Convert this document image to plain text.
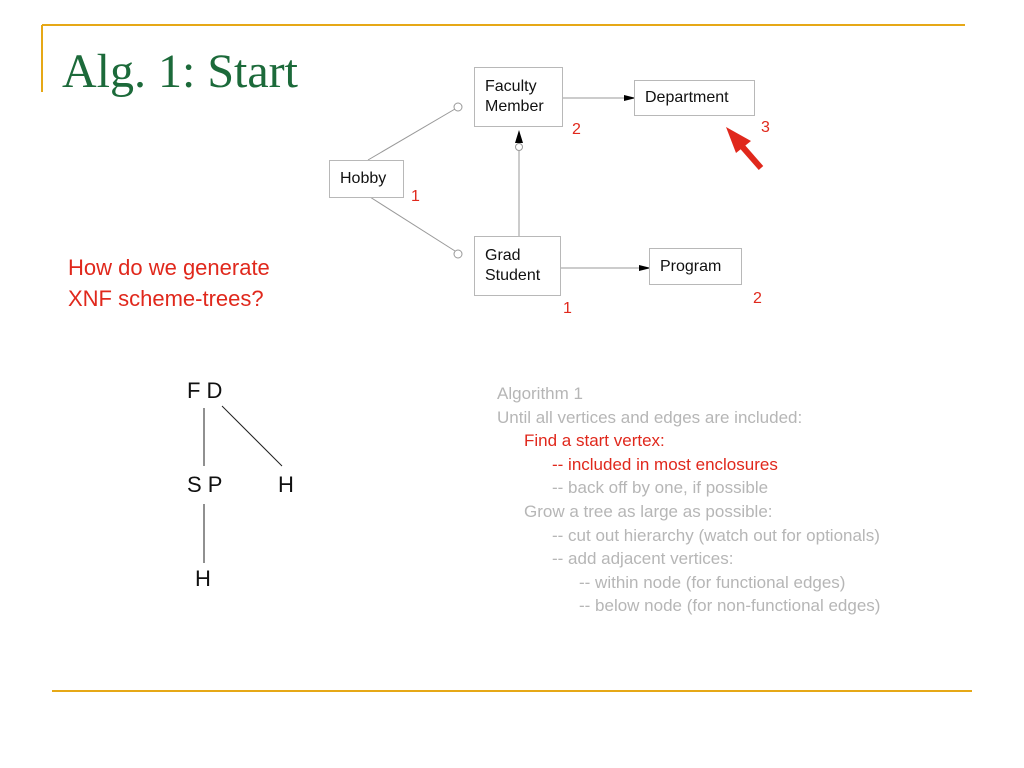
Alg. 1: Start
How do we generate
XNF scheme-trees?
Faculty
Member
Department
Hobby
Grad
Student
Program
2	3
1
1
2
F D
S P	H
H
Algorithm 1
Until all vertices and edges are included:
Find a start vertex:
-- included in most enclosures
-- back off by one, if possible
Grow a tree as large as possible:
-- cut out hierarchy (watch out for optionals)
-- add adjacent vertices:
-- within node (for functional edges)
-- below node (for non-functional edges)
